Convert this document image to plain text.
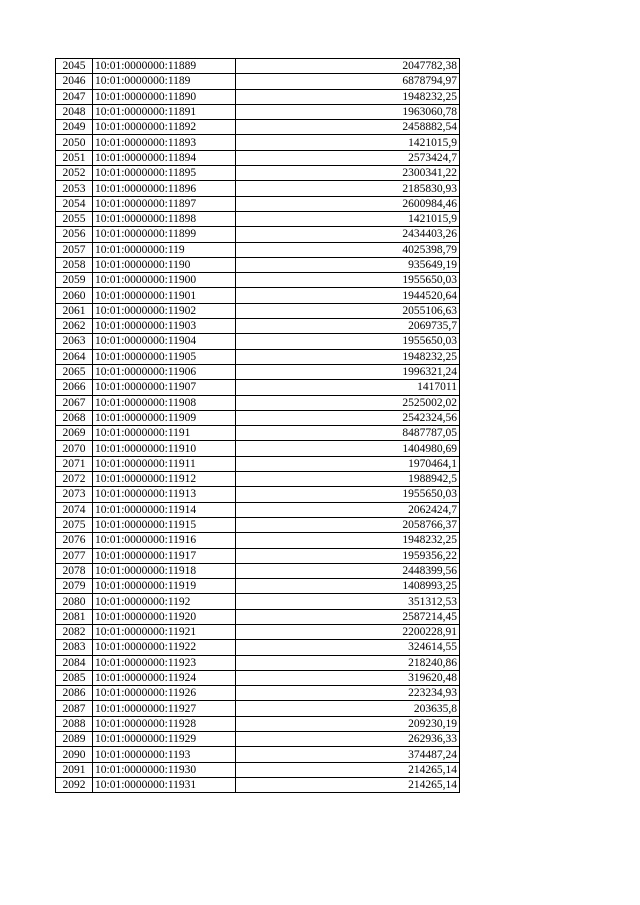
2045	10:01:0000000:11889	2047782,38
2046	10:01:0000000:1189	6878794,97
2047	10:01:0000000:11890	1948232,25
2048	10:01:0000000:11891	1963060,78
2049	10:01:0000000:11892	2458882,54
2050	10:01:0000000:11893	1421015,9
2051	10:01:0000000:11894	2573424,7
2052	10:01:0000000:11895	2300341,22
2053	10:01:0000000:11896	2185830,93
2054	10:01:0000000:11897	2600984,46
2055	10:01:0000000:11898	1421015,9
2056	10:01:0000000:11899	2434403,26
2057	10:01:0000000:119	4025398,79
2058	10:01:0000000:1190	935649,19
2059	10:01:0000000:11900	1955650,03
2060	10:01:0000000:11901	1944520,64
2061	10:01:0000000:11902	2055106,63
2062	10:01:0000000:11903	2069735,7
2063	10:01:0000000:11904	1955650,03
2064	10:01:0000000:11905	1948232,25
2065	10:01:0000000:11906	1996321,24
2066	10:01:0000000:11907	1417011
2067	10:01:0000000:11908	2525002,02
2068	10:01:0000000:11909	2542324,56
2069	10:01:0000000:1191	8487787,05
2070	10:01:0000000:11910	1404980,69
2071	10:01:0000000:11911	1970464,1
2072	10:01:0000000:11912	1988942,5
2073	10:01:0000000:11913	1955650,03
2074	10:01:0000000:11914	2062424,7
2075	10:01:0000000:11915	2058766,37
2076	10:01:0000000:11916	1948232,25
2077	10:01:0000000:11917	1959356,22
2078	10:01:0000000:11918	2448399,56
2079	10:01:0000000:11919	1408993,25
2080	10:01:0000000:1192	351312,53
2081	10:01:0000000:11920	2587214,45
2082	10:01:0000000:11921	2200228,91
2083	10:01:0000000:11922	324614,55
2084	10:01:0000000:11923	218240,86
2085	10:01:0000000:11924	319620,48
2086	10:01:0000000:11926	223234,93
2087	10:01:0000000:11927	203635,8
2088	10:01:0000000:11928	209230,19
2089	10:01:0000000:11929	262936,33
2090	10:01:0000000:1193	374487,24
2091	10:01:0000000:11930	214265,14
2092	10:01:0000000:11931	214265,14
